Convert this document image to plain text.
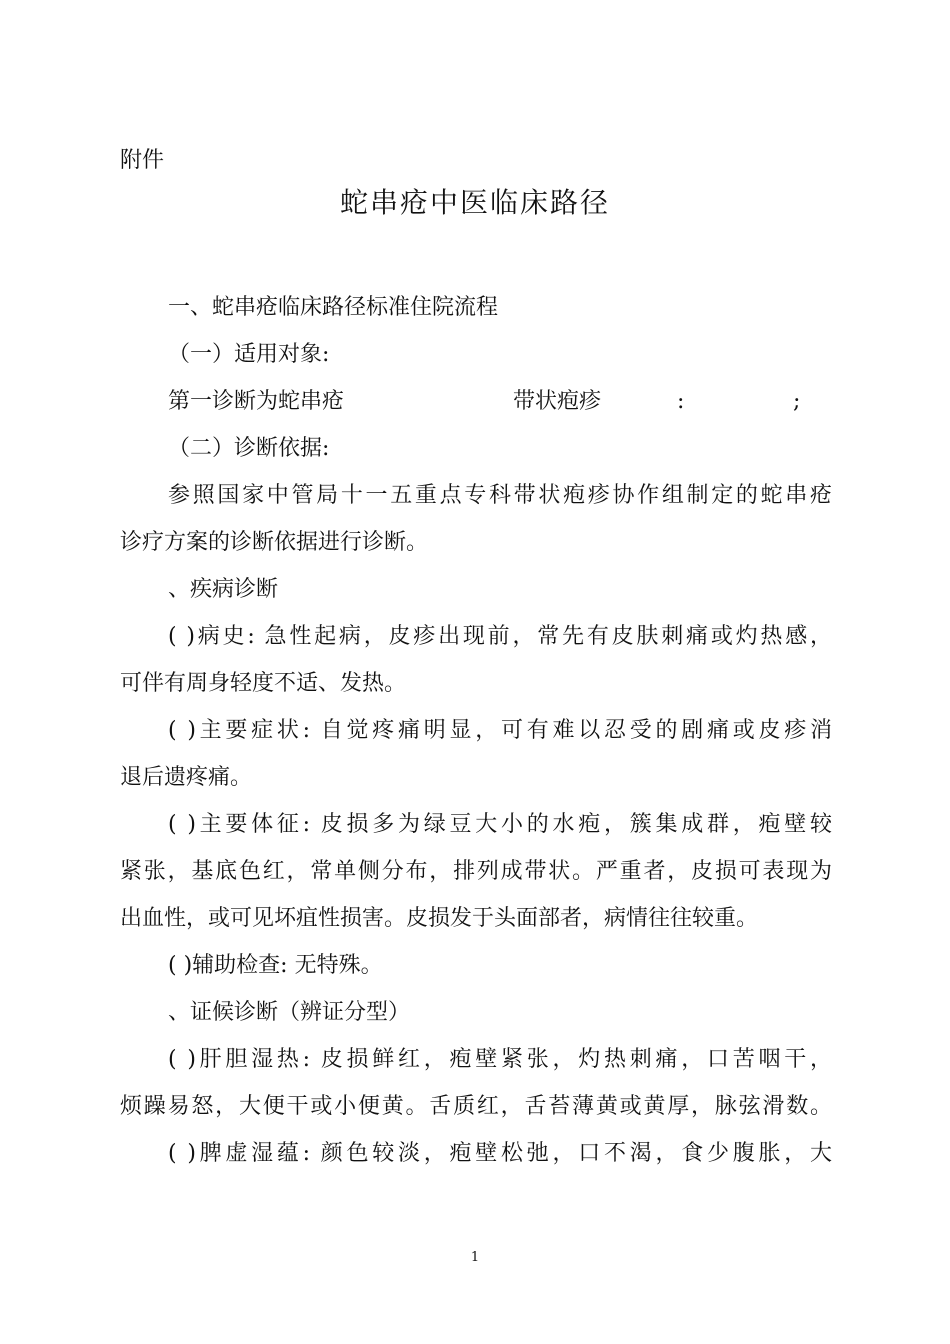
附件

蛇串疮中医临床路径

一、蛇串疮临床路径标准住院流程

（一）适用对象:

第一诊断为蛇串疮	带状疱疹	:	;

（二）诊断依据:

参照国家中管局十一五重点专科带状疱疹协作组制定的蛇串疮

诊疗方案的诊断依据进行诊断。

、疾病诊断

( )病史: 急性起病，皮疹出现前，常先有皮肤刺痛或灼热感，

可伴有周身轻度不适、发热。

( )主要症状: 自觉疼痛明显，可有难以忍受的剧痛或皮疹消

退后遗疼痛。

( )主要体征: 皮损多为绿豆大小的水疱，簇集成群，疱壁较

紧张，基底色红，常单侧分布，排列成带状。严重者，皮损可表现为

出血性，或可见坏疽性损害。皮损发于头面部者，病情往往较重。

( )辅助检查: 无特殊。

、证候诊断（辨证分型）

( )肝胆湿热: 皮损鲜红，疱壁紧张，灼热刺痛，口苦咽干，

烦躁易怒，大便干或小便黄。舌质红，舌苔薄黄或黄厚，脉弦滑数。

( )脾虚湿蕴: 颜色较淡，疱壁松弛，口不渴，食少腹胀，大

1
